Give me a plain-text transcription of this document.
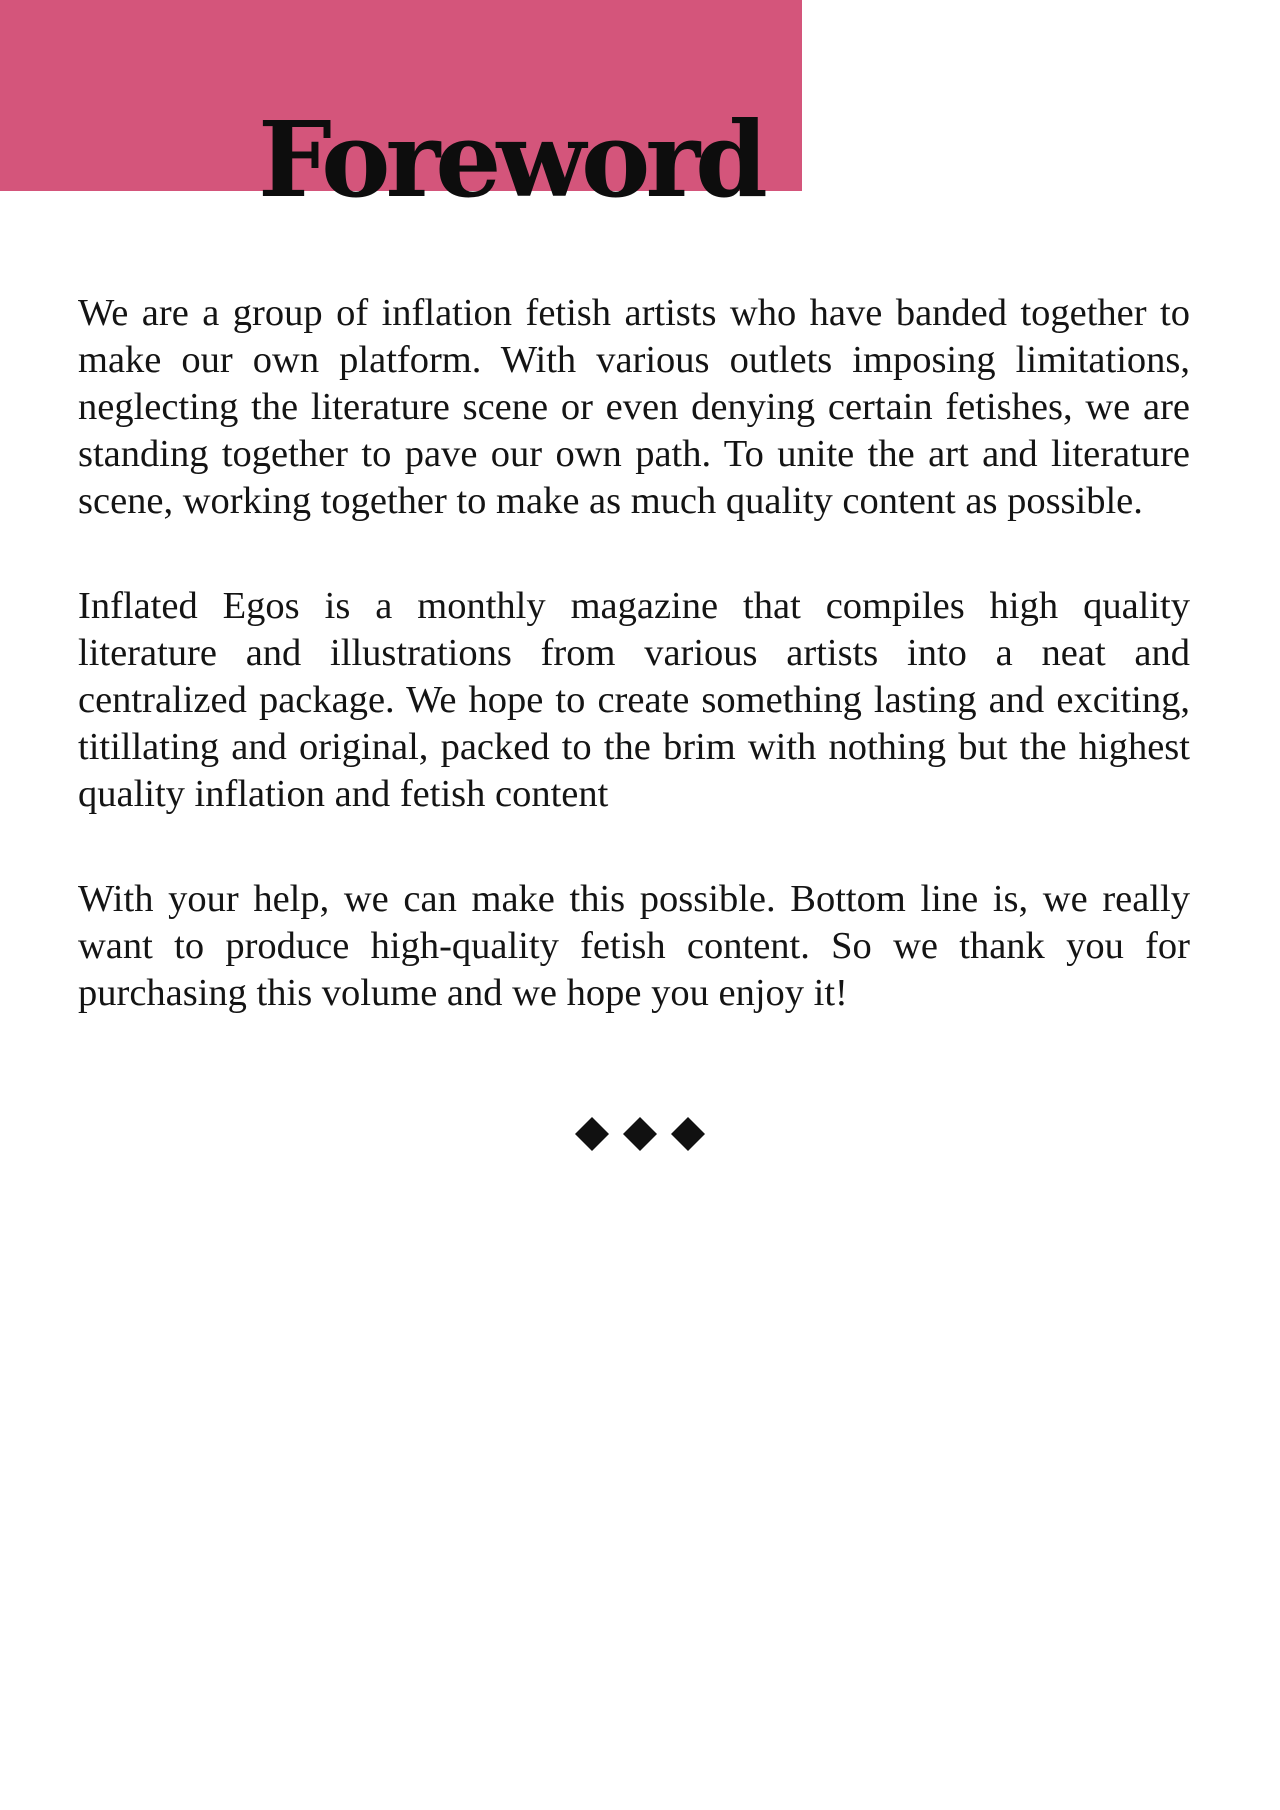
Foreword

We are a group of inflation fetish artists who have banded together to make our own platform. With various outlets imposing limitations, neglecting the literature scene or even denying certain fetishes, we are standing together to pave our own path. To unite the art and literature scene, working together to make as much quality content as possible.

Inflated Egos is a monthly magazine that compiles high quality literature and illustrations from various artists into a neat and centralized package. We hope to create something lasting and exciting, titillating and original, packed to the brim with nothing but the highest quality inflation and fetish content

With your help, we can make this possible. Bottom line is, we really want to produce high-quality fetish content. So we thank you for purchasing this volume and we hope you enjoy it!
